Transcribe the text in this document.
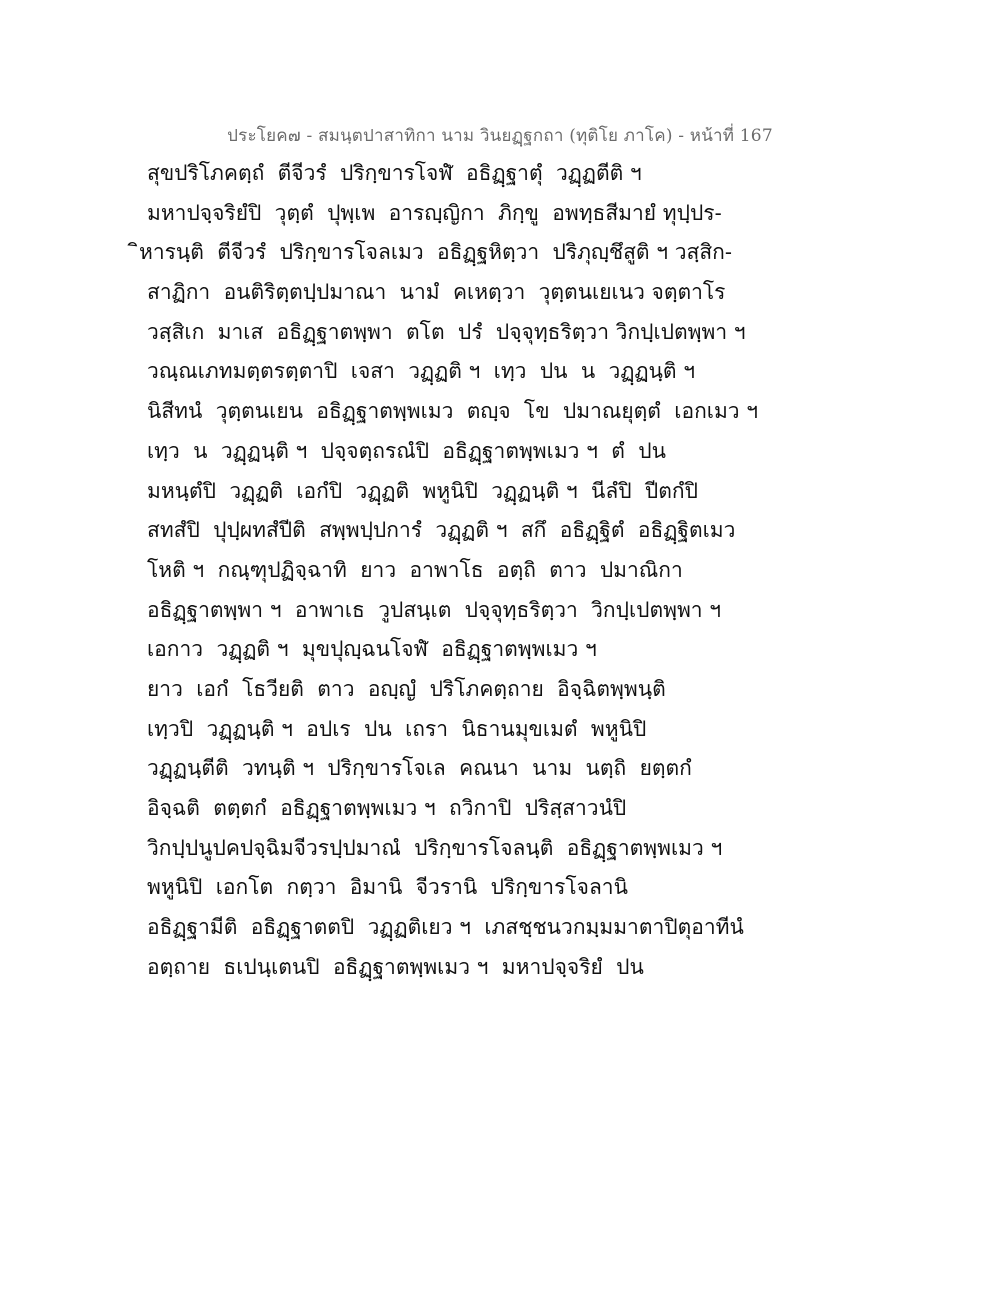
ประโยค๗ - สมนฺตปาสาทิกา นาม วินยฏฺฐกถา (ทุติโย ภาโค) - หน้าที่ 167
สุขปริโภคตฺถํ  ตีจีวรํ  ปริกฺขารโจฬํ  อธิฏฺฐาตุํ  วฏฺฏตีติ ฯ
มหาปจฺจริยํปิ  วุตฺตํ  ปุพฺเพ  อารญฺญิกา  ภิกฺขู  อพทฺธสีมายํ ทุปฺปร-
ิหารนฺติ  ตีจีวรํ  ปริกฺขารโจลเมว  อธิฏฺฐหิตฺวา  ปริภุญฺชึสูติ ฯ วสฺสิก-
สาฏิกา  อนติริตฺตปฺปมาณา  นามํ  คเหตฺวา  วุตฺตนเยเนว จตฺตาโร
วสฺสิเก  มาเส  อธิฏฺฐาตพฺพา  ตโต  ปรํ  ปจฺจุทฺธริตฺวา วิกปฺเปตพฺพา ฯ
วณฺณเภทมตฺตรตฺตาปิ  เจสา  วฏฺฏติ ฯ  เทฺว  ปน  น  วฏฺฏนฺติ ฯ
นิสีทนํ  วุตฺตนเยน  อธิฏฺฐาตพฺพเมว  ตญฺจ  โข  ปมาณยุตฺตํ  เอกเมว ฯ
เทฺว  น  วฏฺฏนฺติ ฯ  ปจฺจตฺถรณํปิ  อธิฏฺฐาตพฺพเมว ฯ  ตํ  ปน
มหนฺตํปิ  วฏฺฏติ  เอกํปิ  วฏฺฏติ  พหูนิปิ  วฏฺฏนฺติ ฯ  นีลํปิ  ปีตกํปิ
สทสํปิ  ปุปฺผทสํปีติ  สพฺพปฺปการํ  วฏฺฏติ ฯ  สกึ  อธิฏฺฐิตํ  อธิฏฺฐิตเมว
โหติ ฯ  กณฺฑุปฏิจฺฉาทิ  ยาว  อาพาโธ  อตฺถิ  ตาว  ปมาณิกา
อธิฏฺฐาตพฺพา ฯ  อาพาเธ  วูปสนฺเต  ปจฺจุทฺธริตฺวา  วิกปฺเปตพฺพา ฯ
เอกาว  วฏฺฏติ ฯ  มุขปุญฺฉนโจฬํ  อธิฏฺฐาตพฺพเมว ฯ
ยาว  เอกํ  โธวียติ  ตาว  อญฺญํ  ปริโภคตฺถาย  อิจฺฉิตพฺพนฺติ
เทฺวปิ  วฏฺฏนฺติ ฯ  อปเร  ปน  เถรา  นิธานมุขเมตํ  พหูนิปิ
วฏฺฏนฺตีติ  วทนฺติ ฯ  ปริกฺขารโจเล  คณนา  นาม  นตฺถิ  ยตฺตกํ
อิจฺฉติ  ตตฺตกํ  อธิฏฺฐาตพฺพเมว ฯ  ถวิกาปิ  ปริสฺสาวนํปิ
วิกปฺปนูปคปจฺฉิมจีวรปฺปมาณํ  ปริกฺขารโจลนฺติ  อธิฏฺฐาตพฺพเมว ฯ
พหูนิปิ  เอกโต  กตฺวา  อิมานิ  จีวรานิ  ปริกฺขารโจลานิ
อธิฏฺฐามีติ  อธิฏฺฐาตตปิ  วฏฺฏติเยว ฯ  เภสชฺชนวกมฺมมาตาปิตุอาทีนํ
อตฺถาย  ธเปนฺเตนปิ  อธิฏฺฐาตพฺพเมว ฯ  มหาปจฺจริยํ  ปน
